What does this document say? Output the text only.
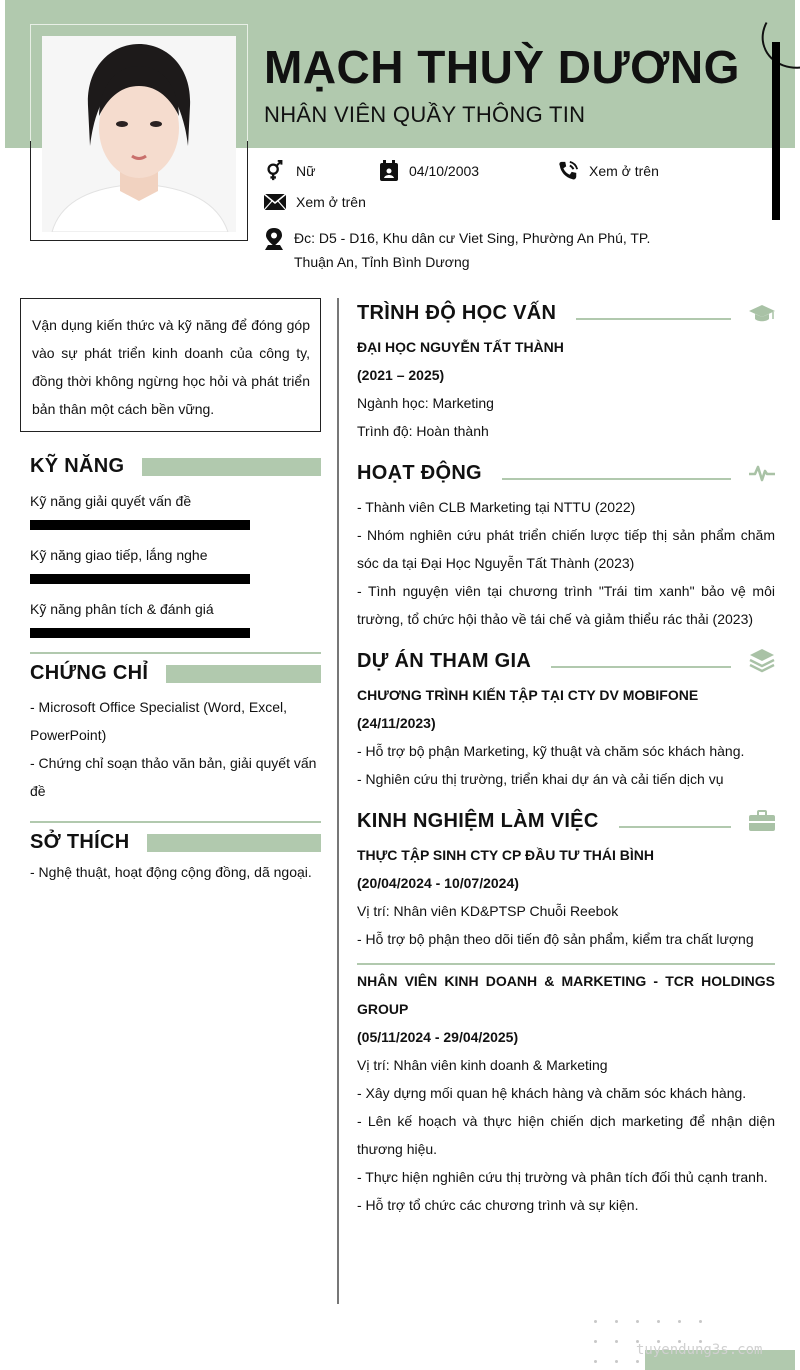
MẠCH THUỲ DƯƠNG
NHÂN VIÊN QUẦY THÔNG TIN
Nữ	04/10/2003	Xem ở trên
Xem ở trên
Đc: D5 - D16, Khu dân cư Viet Sing, Phường An Phú, TP. Thuận An, Tỉnh Bình Dương
Vận dụng kiến thức và kỹ năng để đóng góp vào sự phát triển kinh doanh của công ty, đồng thời không ngừng học hỏi và phát triển bản thân một cách bền vững.
KỸ NĂNG
Kỹ năng giải quyết vấn đề
Kỹ năng giao tiếp, lắng nghe
Kỹ năng phân tích & đánh giá
CHỨNG CHỈ
- Microsoft Office Specialist (Word, Excel, PowerPoint)
- Chứng chỉ soạn thảo văn bản, giải quyết vấn đề
SỞ THÍCH
- Nghệ thuật, hoạt động cộng đồng, dã ngoại.
TRÌNH ĐỘ HỌC VẤN
ĐẠI HỌC NGUYỄN TẤT THÀNH
(2021 – 2025)
Ngành học: Marketing
Trình độ: Hoàn thành
HOẠT ĐỘNG
- Thành viên CLB Marketing tại NTTU (2022)
- Nhóm nghiên cứu phát triển chiến lược tiếp thị sản phẩm chăm sóc da tại Đại Học Nguyễn Tất Thành (2023)
- Tình nguyện viên tại chương trình "Trái tim xanh" bảo vệ môi trường, tổ chức hội thảo về tái chế và giảm thiểu rác thải (2023)
DỰ ÁN THAM GIA
CHƯƠNG TRÌNH KIẾN TẬP TẠI CTY DV MOBIFONE
(24/11/2023)
- Hỗ trợ bộ phận Marketing, kỹ thuật và chăm sóc khách hàng.
- Nghiên cứu thị trường, triển khai dự án và cải tiến dịch vụ
KINH NGHIỆM LÀM VIỆC
THỰC TẬP SINH CTY CP ĐẦU TƯ THÁI BÌNH
(20/04/2024 - 10/07/2024)
Vị trí: Nhân viên KD&PTSP Chuỗi Reebok
- Hỗ trợ bộ phận theo dõi tiến độ sản phẩm, kiểm tra chất lượng
NHÂN VIÊN KINH DOANH & MARKETING - TCR HOLDINGS GROUP
(05/11/2024 - 29/04/2025)
Vị trí: Nhân viên kinh doanh & Marketing
- Xây dựng mối quan hệ khách hàng và chăm sóc khách hàng.
- Lên kế hoạch và thực hiện chiến dịch marketing để nhận diện thương hiệu.
- Thực hiện nghiên cứu thị trường và phân tích đối thủ cạnh tranh.
- Hỗ trợ tổ chức các chương trình và sự kiện.
tuyendung3s.com
